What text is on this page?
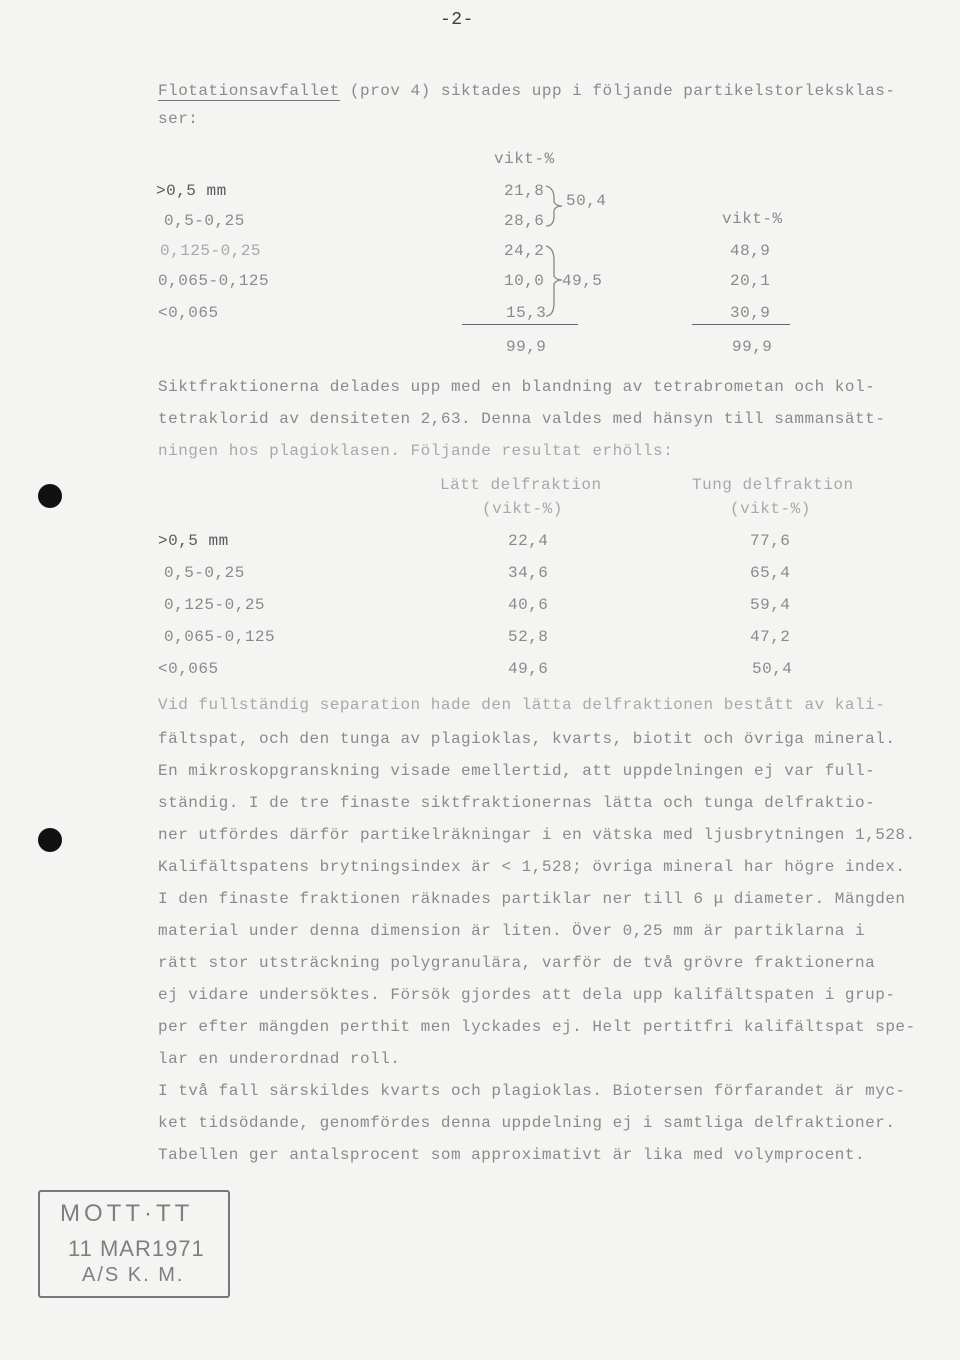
-2-
Flotationsavfallet (prov 4) siktades upp i följande partikelstorleksklas-
ser:
vikt-%
vikt-%
>0,5 mm
0,5-0,25
0,125-0,25
0,065-0,125
<0,065
21,8
28,6
24,2
10,0
15,3
50,4
49,5
48,9
20,1
30,9
99,9	99,9
Siktfraktionerna delades upp med en blandning av tetrabrometan och kol-
tetraklorid av densiteten 2,63. Denna valdes med hänsyn till sammansätt-
ningen hos plagioklasen. Följande resultat erhölls:
Lätt delfraktion
(vikt-%)
Tung delfraktion
(vikt-%)
>0,5 mm
0,5-0,25
0,125-0,25
0,065-0,125
<0,065
22,4
34,6
40,6
52,8
49,6
77,6
65,4
59,4
47,2
50,4
Vid fullständig separation hade den lätta delfraktionen bestått av kali-
fältspat, och den tunga av plagioklas, kvarts, biotit och övriga mineral.
En mikroskopgranskning visade emellertid, att uppdelningen ej var full-
ständig. I de tre finaste siktfraktionernas lätta och tunga delfraktio-
ner utfördes därför partikelräkningar i en vätska med ljusbrytningen 1,528.
Kalifältspatens brytningsindex är < 1,528; övriga mineral har högre index.
I den finaste fraktionen räknades partiklar ner till 6 μ diameter. Mängden
material under denna dimension är liten. Över 0,25 mm är partiklarna i
rätt stor utsträckning polygranulära, varför de två grövre fraktionerna
ej vidare undersöktes. Försök gjordes att dela upp kalifältspaten i grup-
per efter mängden perthit men lyckades ej. Helt pertitfri kalifältspat spe-
lar en underordnad roll.
I två fall särskildes kvarts och plagioklas. Biotersen förfarandet är myc-
ket tidsödande, genomfördes denna uppdelning ej i samtliga delfraktioner.
Tabellen ger antalsprocent som approximativt är lika med volymprocent.
MOTT·TT
11 MAR1971
A/S K. M.
